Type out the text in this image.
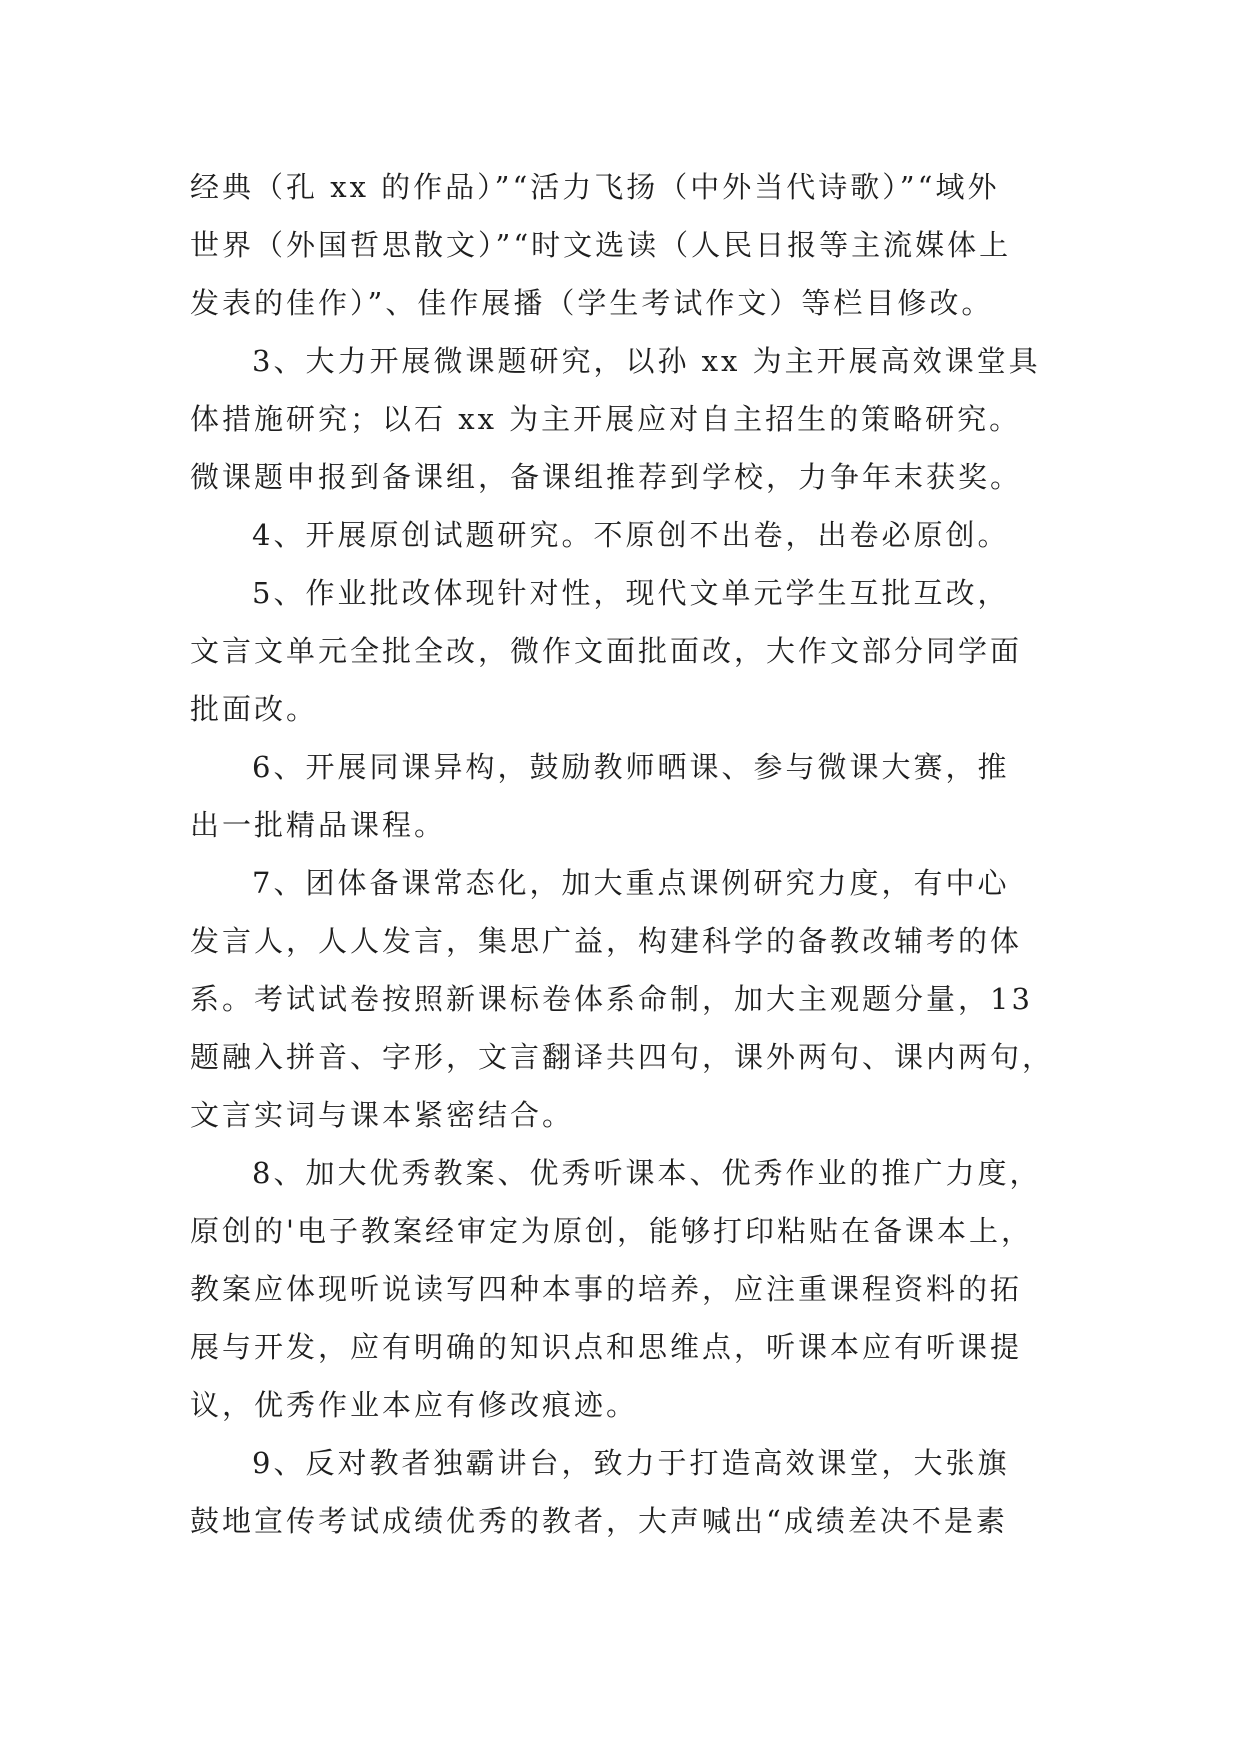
经典（孔 xx 的作品）”“活力飞扬（中外当代诗歌）”“域外
世界（外国哲思散文）”“时文选读（人民日报等主流媒体上
发表的佳作）”、佳作展播（学生考试作文）等栏目修改。
3、大力开展微课题研究，以孙 xx 为主开展高效课堂具
体措施研究；以石 xx 为主开展应对自主招生的策略研究。
微课题申报到备课组，备课组推荐到学校，力争年末获奖。
4、开展原创试题研究。不原创不出卷，出卷必原创。
5、作业批改体现针对性，现代文单元学生互批互改，
文言文单元全批全改，微作文面批面改，大作文部分同学面
批面改。
6、开展同课异构，鼓励教师晒课、参与微课大赛，推
出一批精品课程。
7、团体备课常态化，加大重点课例研究力度，有中心
发言人，人人发言，集思广益，构建科学的备教改辅考的体
系。考试试卷按照新课标卷体系命制，加大主观题分量，13
题融入拼音、字形，文言翻译共四句，课外两句、课内两句，
文言实词与课本紧密结合。
8、加大优秀教案、优秀听课本、优秀作业的推广力度，
原创的'电子教案经审定为原创，能够打印粘贴在备课本上，
教案应体现听说读写四种本事的培养，应注重课程资料的拓
展与开发，应有明确的知识点和思维点，听课本应有听课提
议，优秀作业本应有修改痕迹。
9、反对教者独霸讲台，致力于打造高效课堂，大张旗
鼓地宣传考试成绩优秀的教者，大声喊出“成绩差决不是素
